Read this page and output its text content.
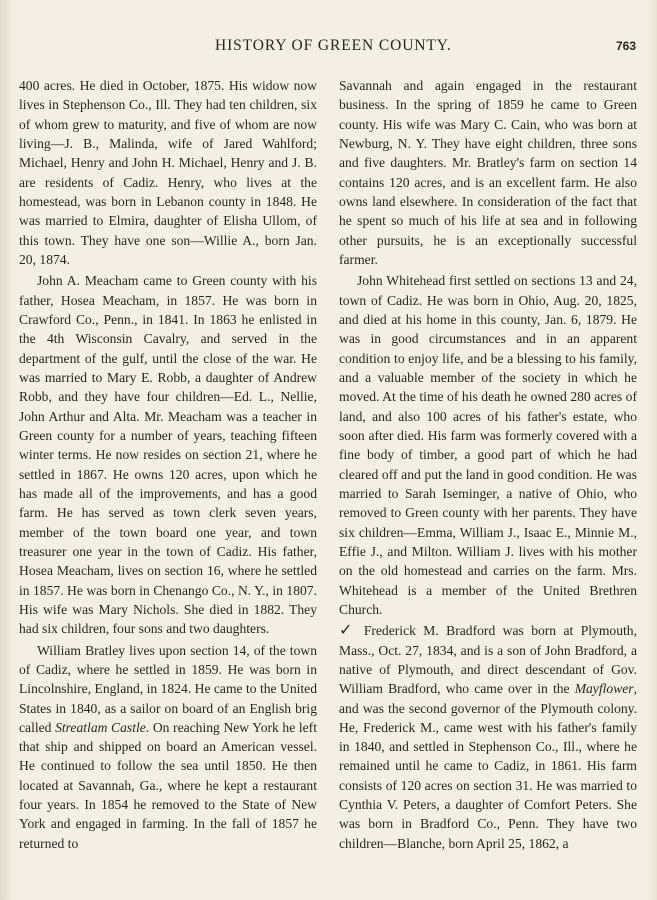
HISTORY OF GREEN COUNTY.	763

400 acres. He died in October, 1875. His widow now lives in Stephenson Co., Ill. They had ten children, six of whom grew to maturity, and five of whom are now living—J. B., Malinda, wife of Jared Wahlford; Michael, Henry and John H. Michael, Henry and J. B. are residents of Cadiz. Henry, who lives at the homestead, was born in Lebanon county in 1848. He was married to Elmira, daughter of Elisha Ullom, of this town. They have one son—Willie A., born Jan. 20, 1874.

John A. Meacham came to Green county with his father, Hosea Meacham, in 1857. He was born in Crawford Co., Penn., in 1841. In 1863 he enlisted in the 4th Wisconsin Cavalry, and served in the department of the gulf, until the close of the war. He was married to Mary E. Robb, a daughter of Andrew Robb, and they have four children—Ed. L., Nellie, John Arthur and Alta. Mr. Meacham was a teacher in Green county for a number of years, teaching fifteen winter terms. He now resides on section 21, where he settled in 1867. He owns 120 acres, upon which he has made all of the improvements, and has a good farm. He has served as town clerk seven years, member of the town board one year, and town treasurer one year in the town of Cadiz. His father, Hosea Meacham, lives on section 16, where he settled in 1857. He was born in Chenango Co., N. Y., in 1807. His wife was Mary Nichols. She died in 1882. They had six children, four sons and two daughters.

William Bratley lives upon section 14, of the town of Cadiz, where he settled in 1859. He was born in Lincolnshire, England, in 1824. He came to the United States in 1840, as a sailor on board of an English brig called Streatlam Castle. On reaching New York he left that ship and shipped on board an American vessel. He continued to follow the sea until 1850. He then located at Savannah, Ga., where he kept a restaurant four years. In 1854 he removed to the State of New York and engaged in farming. In the fall of 1857 he returned to

Savannah and again engaged in the restaurant business. In the spring of 1859 he came to Green county. His wife was Mary C. Cain, who was born at Newburg, N. Y. They have eight children, three sons and five daughters. Mr. Bratley's farm on section 14 contains 120 acres, and is an excellent farm. He also owns land elsewhere. In consideration of the fact that he spent so much of his life at sea and in following other pursuits, he is an exceptionally successful farmer.

John Whitehead first settled on sections 13 and 24, town of Cadiz. He was born in Ohio, Aug. 20, 1825, and died at his home in this county, Jan. 6, 1879. He was in good circumstances and in an apparent condition to enjoy life, and be a blessing to his family, and a valuable member of the society in which he moved. At the time of his death he owned 280 acres of land, and also 100 acres of his father's estate, who soon after died. His farm was formerly covered with a fine body of timber, a good part of which he had cleared off and put the land in good condition. He was married to Sarah Iseminger, a native of Ohio, who removed to Green county with her parents. They have six children—Emma, William J., Isaac E., Minnie M., Effie J., and Milton. William J. lives with his mother on the old homestead and carries on the farm. Mrs. Whitehead is a member of the United Brethren Church.

✓ Frederick M. Bradford was born at Plymouth, Mass., Oct. 27, 1834, and is a son of John Bradford, a native of Plymouth, and direct descendant of Gov. William Bradford, who came over in the Mayflower, and was the second governor of the Plymouth colony. He, Frederick M., came west with his father's family in 1840, and settled in Stephenson Co., Ill., where he remained until he came to Cadiz, in 1861. His farm consists of 120 acres on section 31. He was married to Cynthia V. Peters, a daughter of Comfort Peters. She was born in Bradford Co., Penn. They have two children—Blanche, born April 25, 1862, a
